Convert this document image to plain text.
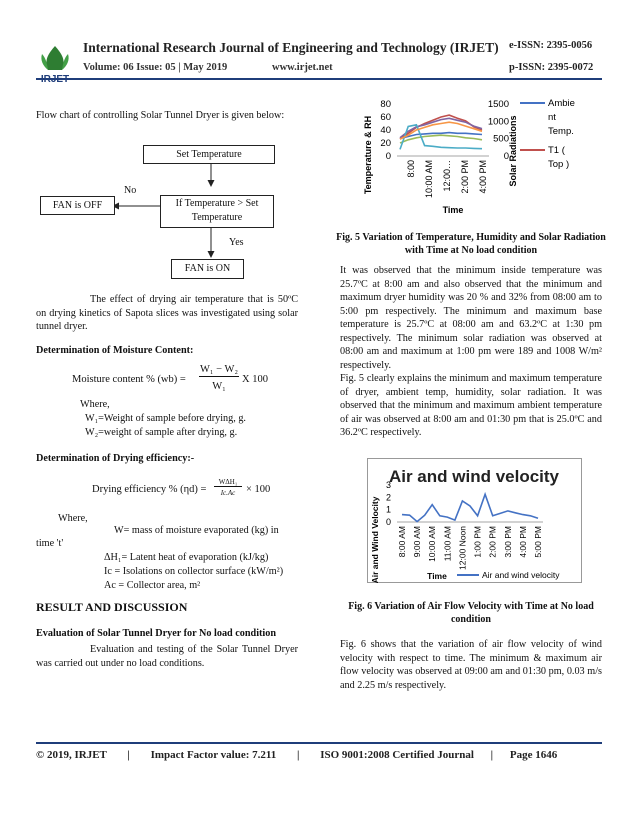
International Research Journal of Engineering and Technology (IRJET) e-ISSN: 2395-0056
Volume: 06 Issue: 05 | May 2019	www.irjet.net	p-ISSN: 2395-0072
Flow chart of controlling Solar Tunnel Dryer is given below:
Set Temperature
If Temperature > Set
Temperature
FAN is OFF
No
Yes
FAN is ON
The effect of drying air temperature that is 50ºC on drying kinetics of Sapota slices was investigated using solar tunnel dryer.
Determination of Moisture Content:
Moisture content % (wb) =
W₁ − W₂
W₁
X 100
Where,
W₁=Weight of sample before drying, g.
W₂=weight of sample after drying, g.
Determination of Drying efficiency:-
Drying efficiency % (ηd) =
WΔH₁
Ic.Ac	× 100
Where,
W= mass of moisture evaporated (kg) in
time 't'
ΔH₁= Latent heat of evaporation (kJ/kg)
Ic = Isolations on collector surface (kW/m²)
Ac = Collector area, m²
RESULT AND DISCUSSION
Evaluation of Solar Tunnel Dryer for No load condition
Evaluation and testing of the Solar Tunnel Dryer was carried out under no load conditions.
Temperature & RH	Solar Radiations
Time
0
20
40
60
80
0
500
1000
1500
8:00 10:00 AM 12:00… 2:00 PM 4:00 PM
Ambie
nt
Temp.
T1 (
Top )
Fig. 5 Variation of Temperature, Humidity and Solar Radiation with Time at No load condition
It was observed that the minimum inside temperature was 25.7ºC at 8:00 am and also observed that the minimum and maximum dryer humidity was 20 % and 32% from 08:00 am to 5:00 pm respectively. The minimum and maximum base temperature is 25.7ºC at 08:00 am and 63.2ºC at 1:30 pm respectively. The minimum solar radiation was observed at 08:00 am and maximum at 1:00 pm were 189 and 1008 W/m² respectively.
Fig. 5 clearly explains the minimum and maximum temperature of dryer, ambient temp, humidity, solar radiation. It was observed that the minimum and maximum ambient temperature of air was observed at 8:00 am and 01:30 pm that is 25.0ºC and 36.2ºC respectively.
Air and wind velocity
Air and Wind Velocity	Time
0
1
2
3
8:00 AM 9:00 AM 10:00 AM 11:00 AM 12:00 Noon 1:00 PM 2:00 PM 3:00 PM 4:00 PM 5:00 PM
Air and wind velocity
Fig. 6 Variation of Air Flow Velocity with Time at No load condition
Fig. 6 shows that the variation of air flow velocity of wind velocity with respect to time. The minimum & maximum air flow velocity was observed at 09:00 am and 01:30 pm, 0.03 m/s and 2.25 m/s respectively.
© 2019, IRJET | Impact Factor value: 7.211 | ISO 9001:2008 Certified Journal | Page 1646
